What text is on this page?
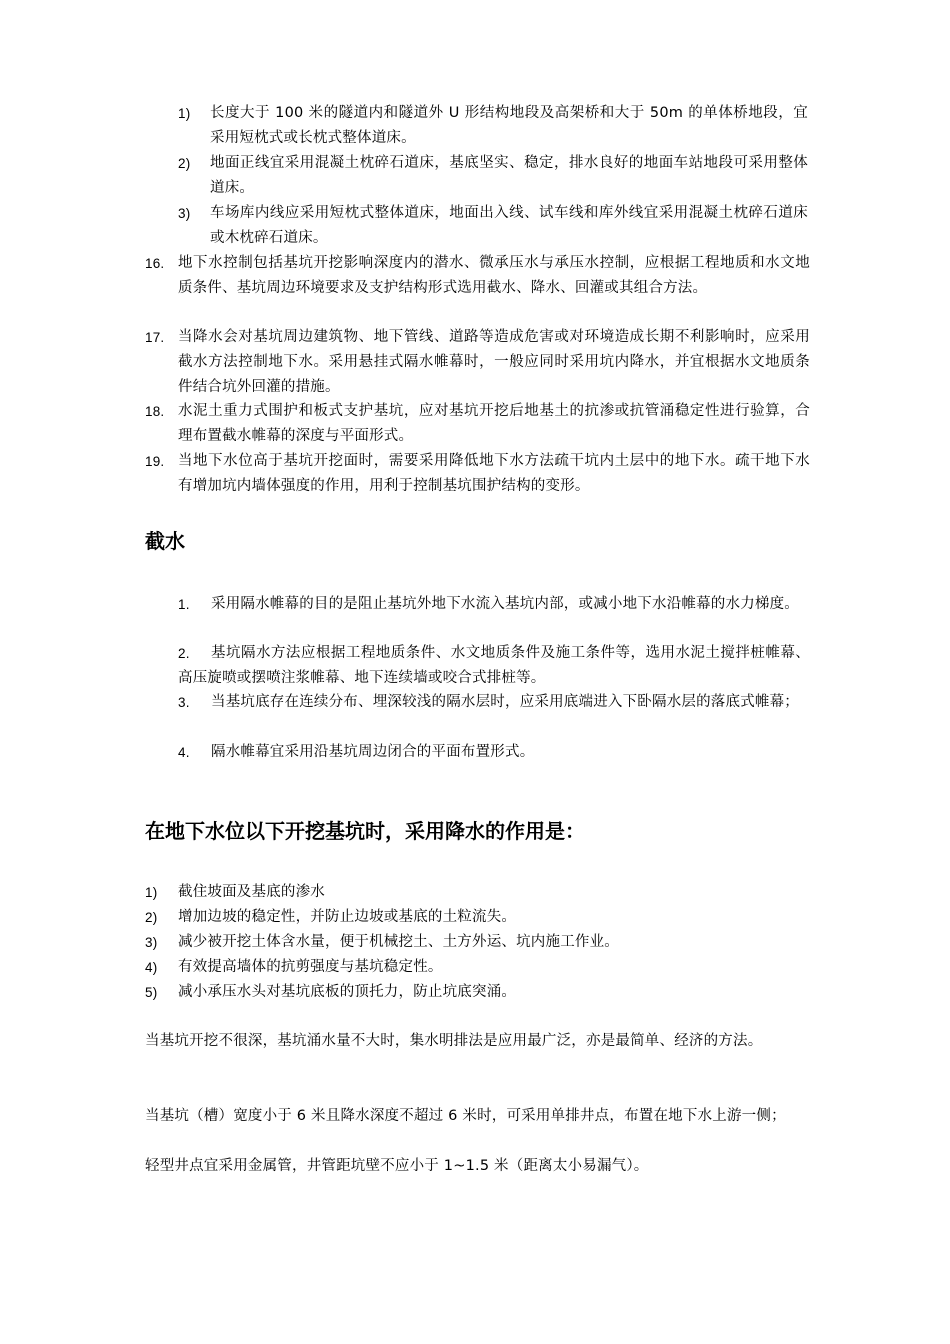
1)	长度大于 100 米的隧道内和隧道外 U 形结构地段及高架桥和大于 50m 的单体桥地段，宜采用短枕式或长枕式整体道床。
2)	地面正线宜采用混凝土枕碎石道床，基底坚实、稳定，排水良好的地面车站地段可采用整体道床。
3)	车场库内线应采用短枕式整体道床，地面出入线、试车线和库外线宜采用混凝土枕碎石道床或木枕碎石道床。
16. 地下水控制包括基坑开挖影响深度内的潜水、微承压水与承压水控制，应根据工程地质和水文地质条件、基坑周边环境要求及支护结构形式选用截水、降水、回灌或其组合方法。
17. 当降水会对基坑周边建筑物、地下管线、道路等造成危害或对环境造成长期不利影响时，应采用截水方法控制地下水。采用悬挂式隔水帷幕时，一般应同时采用坑内降水，并宜根据水文地质条件结合坑外回灌的措施。
18. 水泥土重力式围护和板式支护基坑，应对基坑开挖后地基土的抗渗或抗管涌稳定性进行验算，合理布置截水帷幕的深度与平面形式。
19. 当地下水位高于基坑开挖面时，需要采用降低地下水方法疏干坑内土层中的地下水。疏干地下水有增加坑内墙体强度的作用，用利于控制基坑围护结构的变形。
截水
1.	采用隔水帷幕的目的是阻止基坑外地下水流入基坑内部，或减小地下水沿帷幕的水力梯度。
2.	基坑隔水方法应根据工程地质条件、水文地质条件及施工条件等，选用水泥土搅拌桩帷幕、高压旋喷或摆喷注浆帷幕、地下连续墙或咬合式排桩等。
3.	当基坑底存在连续分布、埋深较浅的隔水层时，应采用底端进入下卧隔水层的落底式帷幕；
4.	隔水帷幕宜采用沿基坑周边闭合的平面布置形式。
在地下水位以下开挖基坑时，采用降水的作用是：
1)	截住坡面及基底的渗水
2)	增加边坡的稳定性，并防止边坡或基底的土粒流失。
3)	减少被开挖土体含水量，便于机械挖土、土方外运、坑内施工作业。
4)	有效提高墙体的抗剪强度与基坑稳定性。
5)	减小承压水头对基坑底板的顶托力，防止坑底突涌。
当基坑开挖不很深，基坑涌水量不大时，集水明排法是应用最广泛，亦是最简单、经济的方法。
当基坑（槽）宽度小于 6 米且降水深度不超过 6 米时，可采用单排井点，布置在地下水上游一侧；
轻型井点宜采用金属管，井管距坑壁不应小于 1~1.5 米（距离太小易漏气）。
